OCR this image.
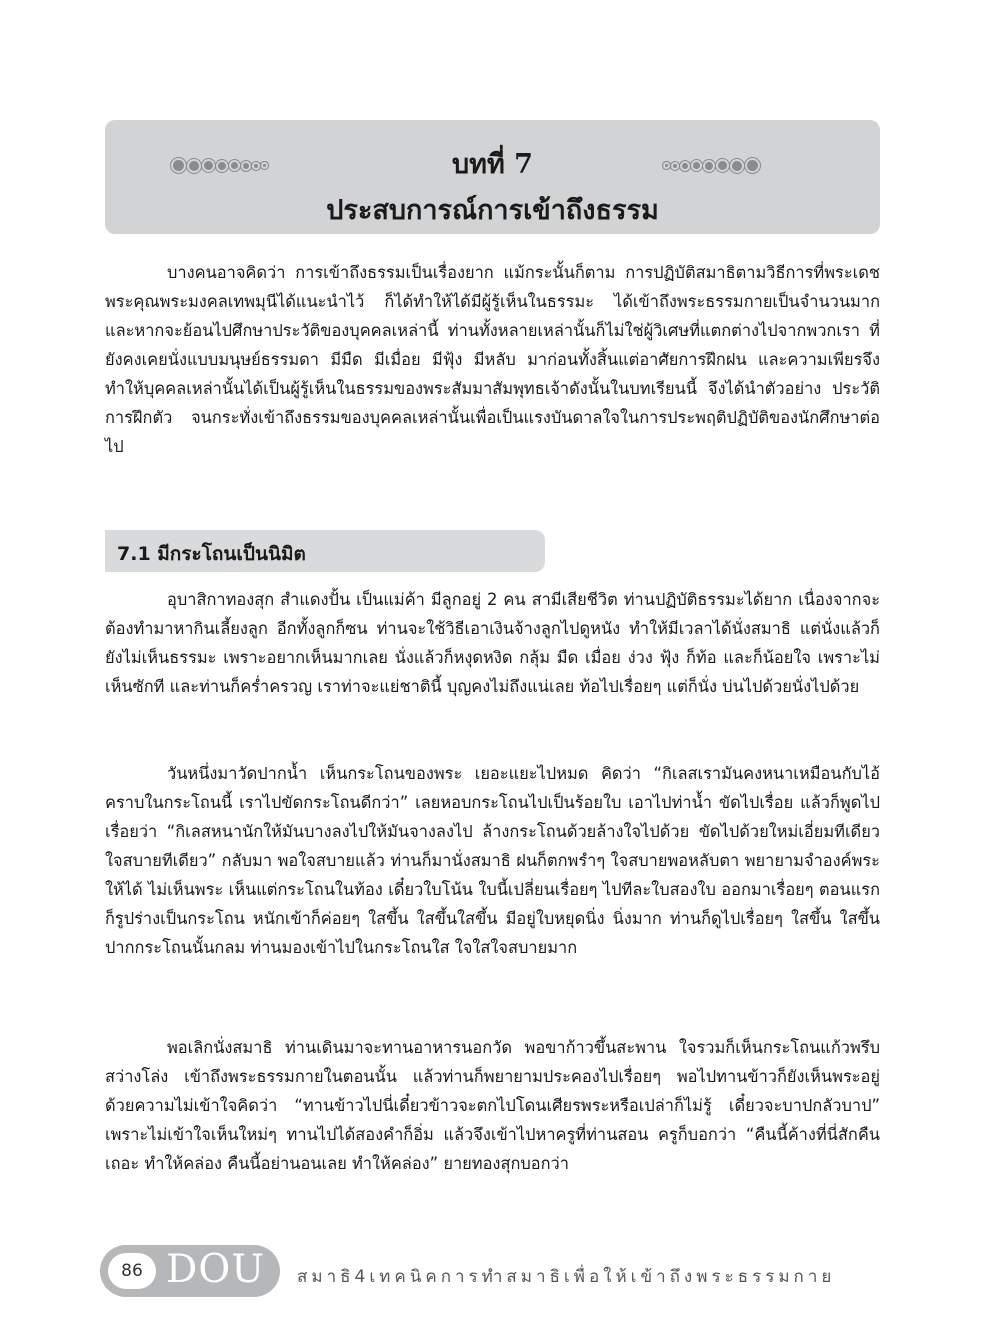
บทที่ 7
ประสบการณ์การเข้าถึงธรรม

บางคนอาจคิดว่า การเข้าถึงธรรมเป็นเรื่องยาก แม้กระนั้นก็ตาม การปฏิบัติสมาธิตามวิธีการที่พระเดชพระคุณพระมงคลเทพมุนีได้แนะนำไว้ ก็ได้ทำให้ได้มีผู้รู้เห็นในธรรมะ ได้เข้าถึงพระธรรมกายเป็นจำนวนมาก และหากจะย้อนไปศึกษาประวัติของบุคคลเหล่านี้ ท่านทั้งหลายเหล่านั้นก็ไม่ใช่ผู้วิเศษที่แตกต่างไปจากพวกเรา ที่ยังคงเคยนั่งแบบมนุษย์ธรรมดา มีมืด มีเมื่อย มีฟุ้ง มีหลับ มาก่อนทั้งสิ้นแต่อาศัยการฝึกฝน และความเพียรจึงทำให้บุคคลเหล่านั้นได้เป็นผู้รู้เห็นในธรรมของพระสัมมาสัมพุทธเจ้าดังนั้นในบทเรียนนี้ จึงได้นำตัวอย่าง ประวัติ การฝึกตัว จนกระทั่งเข้าถึงธรรมของบุคคลเหล่านั้นเพื่อเป็นแรงบันดาลใจในการประพฤติปฏิบัติของนักศึกษาต่อไป

7.1 มีกระโถนเป็นนิมิต

อุบาสิกาทองสุก สำแดงปั้น เป็นแม่ค้า มีลูกอยู่ 2 คน สามีเสียชีวิต ท่านปฏิบัติธรรมะได้ยาก เนื่องจากจะต้องทำมาหากินเลี้ยงลูก อีกทั้งลูกก็ซน ท่านจะใช้วิธีเอาเงินจ้างลูกไปดูหนัง ทำให้มีเวลาได้นั่งสมาธิ แต่นั่งแล้วก็ยังไม่เห็นธรรมะ เพราะอยากเห็นมากเลย นั่งแล้วก็หงุดหงิด กลุ้ม มืด เมื่อย ง่วง ฟุ้ง ก็ท้อ และก็น้อยใจ เพราะไม่เห็นซักที และท่านก็คร่ำครวญ เราท่าจะแย่ชาตินี้ บุญคงไม่ถึงแน่เลย ท้อไปเรื่อยๆ แต่ก็นั่ง บ่นไปด้วยนั่งไปด้วย

วันหนึ่งมาวัดปากน้ำ เห็นกระโถนของพระ เยอะแยะไปหมด คิดว่า “กิเลสเรามันคงหนาเหมือนกับไอ้คราบในกระโถนนี้ เราไปขัดกระโถนดีกว่า” เลยหอบกระโถนไปเป็นร้อยใบ เอาไปท่าน้ำ ขัดไปเรื่อย แล้วก็พูดไปเรื่อยว่า “กิเลสหนานักให้มันบางลงไปให้มันจางลงไป ล้างกระโถนด้วยล้างใจไปด้วย ขัดไปด้วยใหม่เอี่ยมทีเดียว ใจสบายทีเดียว” กลับมา พอใจสบายแล้ว ท่านก็มานั่งสมาธิ ฝนก็ตกพรำๆ ใจสบายพอหลับตา พยายามจำองค์พระให้ได้ ไม่เห็นพระ เห็นแต่กระโถนในท้อง เดี๋ยวใบโน้น ใบนี้เปลี่ยนเรื่อยๆ ไปทีละใบสองใบ ออกมาเรื่อยๆ ตอนแรกก็รูปร่างเป็นกระโถน หนักเข้าก็ค่อยๆ ใสขึ้น ใสขึ้นใสขึ้น มีอยู่ใบหยุดนิ่ง นิ่งมาก ท่านก็ดูไปเรื่อยๆ ใสขึ้น ใสขึ้น ปากกระโถนนั้นกลม ท่านมองเข้าไปในกระโถนใส ใจใสใจสบายมาก

พอเลิกนั่งสมาธิ ท่านเดินมาจะทานอาหารนอกวัด พอขาก้าวขึ้นสะพาน ใจรวมก็เห็นกระโถนแก้วพรึบสว่างโล่ง เข้าถึงพระธรรมกายในตอนนั้น แล้วท่านก็พยายามประคองไปเรื่อยๆ พอไปทานข้าวก็ยังเห็นพระอยู่ ด้วยความไม่เข้าใจคิดว่า “ทานข้าวไปนี่เดี๋ยวข้าวจะตกไปโดนเศียรพระหรือเปล่าก็ไม่รู้ เดี๋ยวจะบาปกลัวบาป” เพราะไม่เข้าใจเห็นใหม่ๆ ทานไปได้สองคำก็อิ่ม แล้วจึงเข้าไปหาครูที่ท่านสอน ครูก็บอกว่า “คืนนี้ค้างที่นี่สักคืนเถอะ ทำให้คล่อง คืนนี้อย่านอนเลย ทำให้คล่อง” ยายทองสุกบอกว่า

86 DOU สมาธิ4เทคนิคการทำสมาธิเพื่อให้เข้าถึงพระธรรมกาย
